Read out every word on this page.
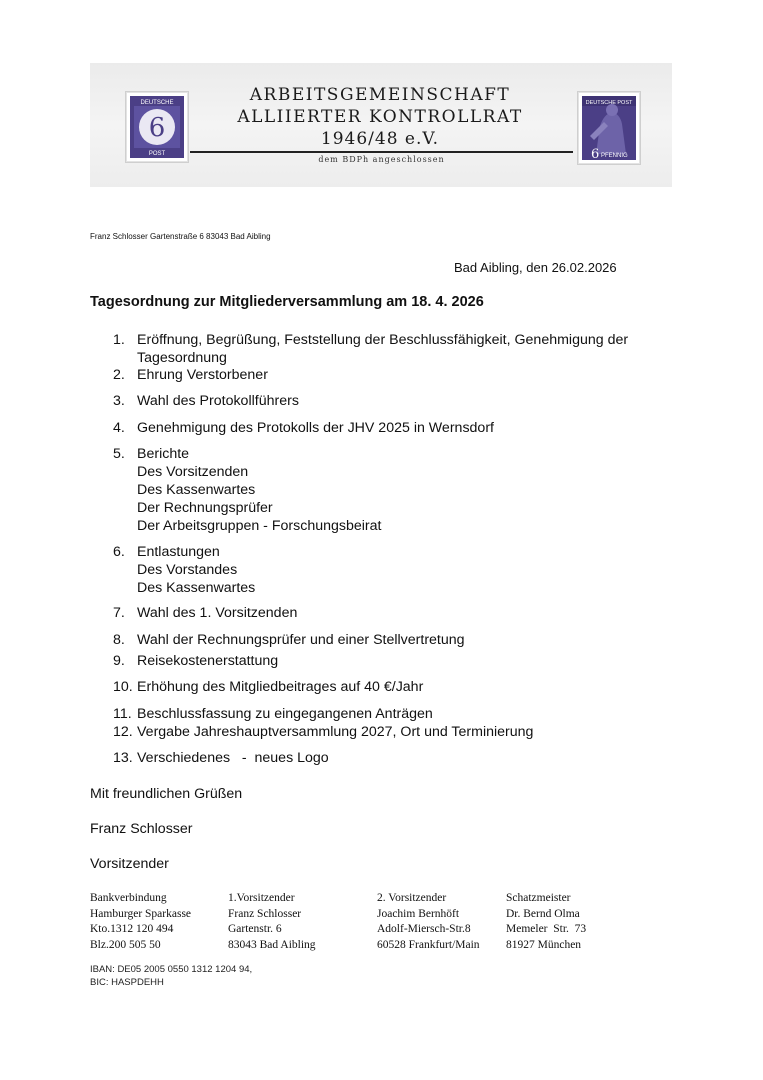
DEUTSCHE
6
POST
ARBEITSGEMEINSCHAFT
ALLIIERTER KONTROLLRAT
1946/48 e.V.
dem BDPh angeschlossen
DEUTSCHE POST
6 PFENNIG
Franz Schlosser Gartenstraße 6 83043 Bad Aibling
Bad Aibling, den 26.02.2026
Tagesordnung zur Mitgliederversammlung am 18. 4. 2026
1. Eröffnung, Begrüßung, Feststellung der Beschlussfähigkeit, Genehmigung der
Tagesordnung
2. Ehrung Verstorbener
3. Wahl des Protokollführers
4. Genehmigung des Protokolls der JHV 2025 in Wernsdorf
5. Berichte
Des Vorsitzenden
Des Kassenwartes
Der Rechnungsprüfer
Der Arbeitsgruppen - Forschungsbeirat
6. Entlastungen
Des Vorstandes
Des Kassenwartes
7. Wahl des 1. Vorsitzenden
8. Wahl der Rechnungsprüfer und einer Stellvertretung
9. Reisekostenerstattung
10. Erhöhung des Mitgliedbeitrages auf 40 €/Jahr
11. Beschlussfassung zu eingegangenen Anträgen
12. Vergabe Jahreshauptversammlung 2027, Ort und Terminierung
13. Verschiedenes   -  neues Logo
Mit freundlichen Grüßen
Franz Schlosser
Vorsitzender
Bankverbindung
Hamburger Sparkasse
Kto.1312 120 494
Blz.200 505 50
1.Vorsitzender
Franz Schlosser
Gartenstr. 6
83043 Bad Aibling
2. Vorsitzender
Joachim Bernhöft
Adolf-Miersch-Str.8
60528 Frankfurt/Main
Schatzmeister
Dr. Bernd Olma
Memeler  Str.  73
81927 München
IBAN: DE05 2005 0550 1312 1204 94,
BIC: HASPDEHH
